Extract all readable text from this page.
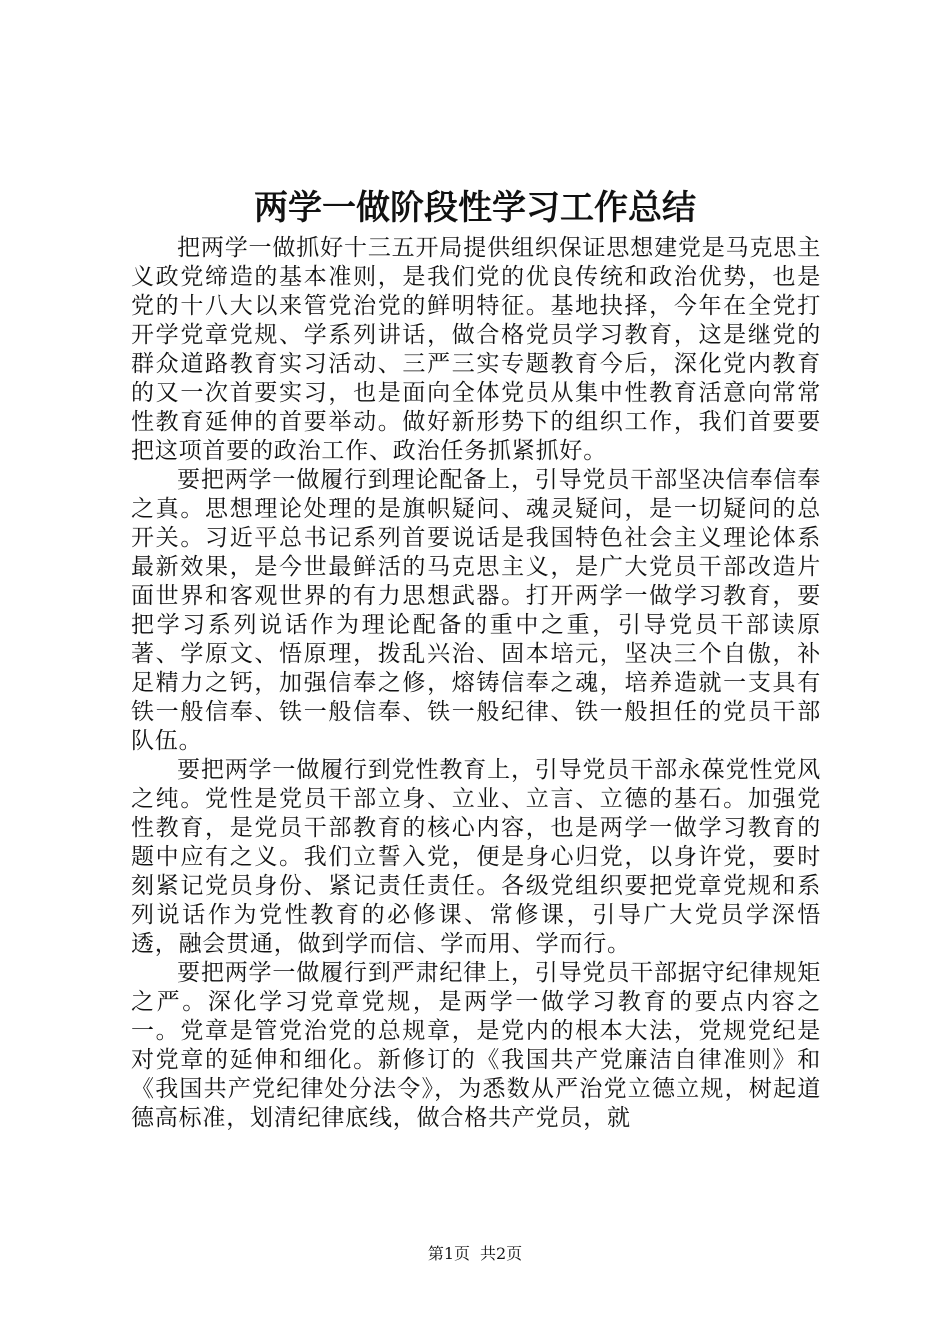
两学一做阶段性学习工作总结

把两学一做抓好十三五开局提供组织保证思想建党是马克思主义政党缔造的基本准则，是我们党的优良传统和政治优势，也是党的十八大以来管党治党的鲜明特征。基地抉择，今年在全党打开学党章党规、学系列讲话，做合格党员学习教育，这是继党的群众道路教育实习活动、三严三实专题教育今后，深化党内教育的又一次首要实习，也是面向全体党员从集中性教育活意向常常性教育延伸的首要举动。做好新形势下的组织工作，我们首要要把这项首要的政治工作、政治任务抓紧抓好。

要把两学一做履行到理论配备上，引导党员干部坚决信奉信奉之真。思想理论处理的是旗帜疑问、魂灵疑问，是一切疑问的总开关。习近平总书记系列首要说话是我国特色社会主义理论体系最新效果，是今世最鲜活的马克思主义，是广大党员干部改造片面世界和客观世界的有力思想武器。打开两学一做学习教育，要把学习系列说话作为理论配备的重中之重，引导党员干部读原著、学原文、悟原理，拨乱兴治、固本培元，坚决三个自傲，补足精力之钙，加强信奉之修，熔铸信奉之魂，培养造就一支具有铁一般信奉、铁一般信奉、铁一般纪律、铁一般担任的党员干部队伍。

要把两学一做履行到党性教育上，引导党员干部永葆党性党风之纯。党性是党员干部立身、立业、立言、立德的基石。加强党性教育，是党员干部教育的核心内容，也是两学一做学习教育的题中应有之义。我们立誓入党，便是身心归党，以身许党，要时刻紧记党员身份、紧记责任责任。各级党组织要把党章党规和系列说话作为党性教育的必修课、常修课，引导广大党员学深悟透，融会贯通，做到学而信、学而用、学而行。

要把两学一做履行到严肃纪律上，引导党员干部据守纪律规矩之严。深化学习党章党规，是两学一做学习教育的要点内容之一。党章是管党治党的总规章，是党内的根本大法，党规党纪是对党章的延伸和细化。新修订的《我国共产党廉洁自律准则》和《我国共产党纪律处分法令》，为悉数从严治党立德立规，树起道德高标准，划清纪律底线，做合格共产党员，就

第1页 共2页
